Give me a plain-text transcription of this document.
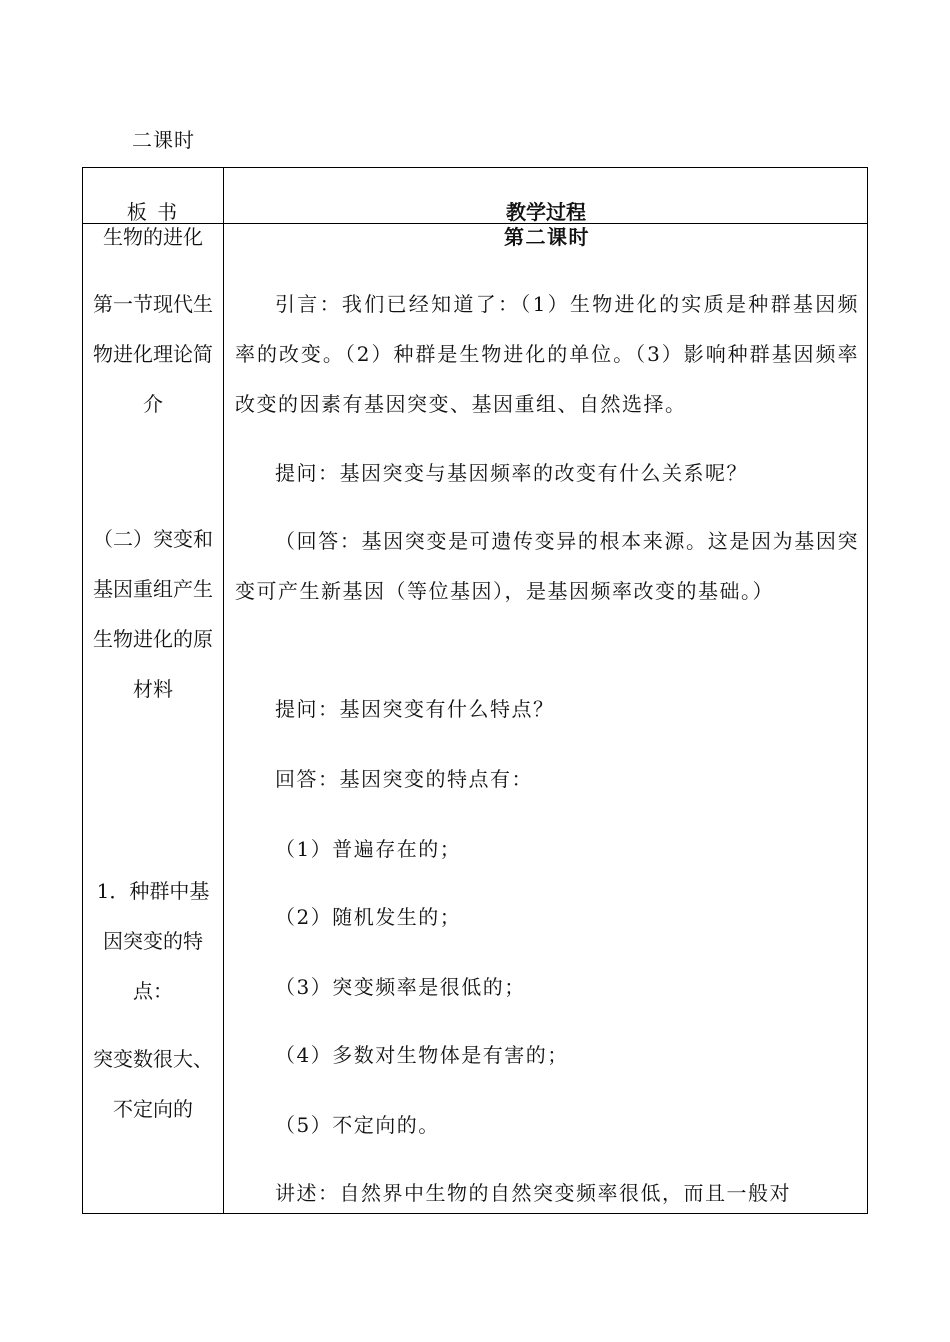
二课时
板 书	教学过程
生物的进化
第一节现代生物进化理论简介
（二）突变和基因重组产生生物进化的原材料
1．种群中基因突变的特点：
突变数很大、不定向的
第二课时
引言：我们已经知道了：（1）生物进化的实质是种群基因频率的改变。（2）种群是生物进化的单位。（3）影响种群基因频率改变的因素有基因突变、基因重组、自然选择。
提问：基因突变与基因频率的改变有什么关系呢？
（回答：基因突变是可遗传变异的根本来源。这是因为基因突变可产生新基因（等位基因），是基因频率改变的基础。）
提问：基因突变有什么特点？
回答：基因突变的特点有：
（1）普遍存在的；
（2）随机发生的；
（3）突变频率是很低的；
（4）多数对生物体是有害的；
（5）不定向的。
讲述：自然界中生物的自然突变频率很低，而且一般对
